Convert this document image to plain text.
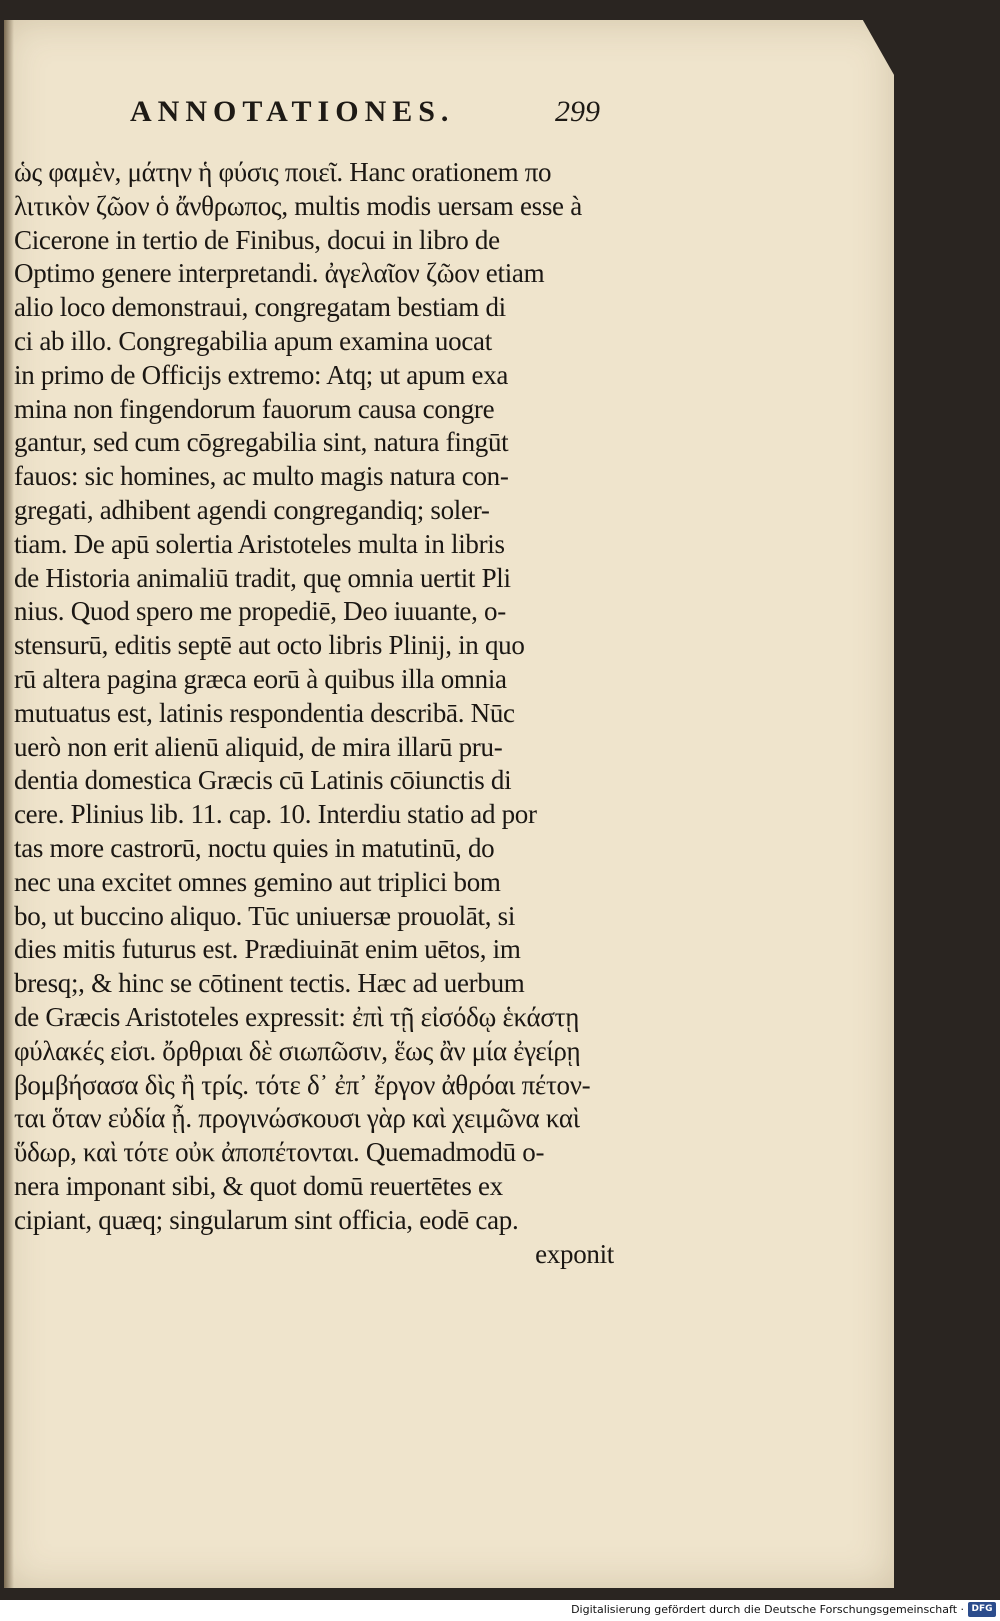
ANNOTATIONES.	299
ὡς φαμὲν, μάτην ἡ φύσις ποιεῖ. Hanc orationem πο
λιτικὸν ζῶον ὁ ἄνθρωπος, multis modis uersam esse à
Cicerone in tertio de Finibus, docui in libro de
Optimo genere interpretandi. ἀγελαῖον ζῶον etiam
alio loco demonstraui, congregatam bestiam di
ci ab illo. Congregabilia apum examina uocat
in primo de Officijs extremo: Atq; ut apum exa
mina non fingendorum fauorum causa congre
gantur, sed cum cōgregabilia sint, natura fingūt
fauos: sic homines, ac multo magis natura con-
gregati, adhibent agendi congregandiq; soler-
tiam. De apū solertia Aristoteles multa in libris
de Historia animaliū tradit, quę omnia uertit Pli
nius. Quod spero me propediē, Deo iuuante, o-
stensurū, editis septē aut octo libris Plinij, in quo
rū altera pagina græca eorū à quibus illa omnia
mutuatus est, latinis respondentia describā. Nūc
uerò non erit alienū aliquid, de mira illarū pru-
dentia domestica Græcis cū Latinis cōiunctis di
cere. Plinius lib. 11. cap. 10. Interdiu statio ad por
tas more castrorū, noctu quies in matutinū, do
nec una excitet omnes gemino aut triplici bom
bo, ut buccino aliquo. Tūc uniuersæ prouolāt, si
dies mitis futurus est. Prædiuināt enim uētos, im
bresq;, & hinc se cōtinent tectis. Hæc ad uerbum
de Græcis Aristoteles expressit: ἐπὶ τῇ εἰσόδῳ ἑκάστῃ
φύλακές εἰσι. ὄρθριαι δὲ σιωπῶσιν, ἕως ἂν μία ἐγείρῃ
βομβήσασα δὶς ἢ τρίς. τότε δ᾽ ἐπ᾽ ἔργον ἀθρόαι πέτον-
ται ὅταν εὐδία ᾖ. προγινώσκουσι γὰρ καὶ χειμῶνα καὶ
ὕδωρ, καὶ τότε οὐκ ἀποπέτονται. Quemadmodū o-
nera imponant sibi, & quot domū reuertētes ex
cipiant, quæq; singularum sint officia, eodē cap.
exponit
Digitalisierung gefördert durch die Deutsche Forschungsgemeinschaft · DFG
